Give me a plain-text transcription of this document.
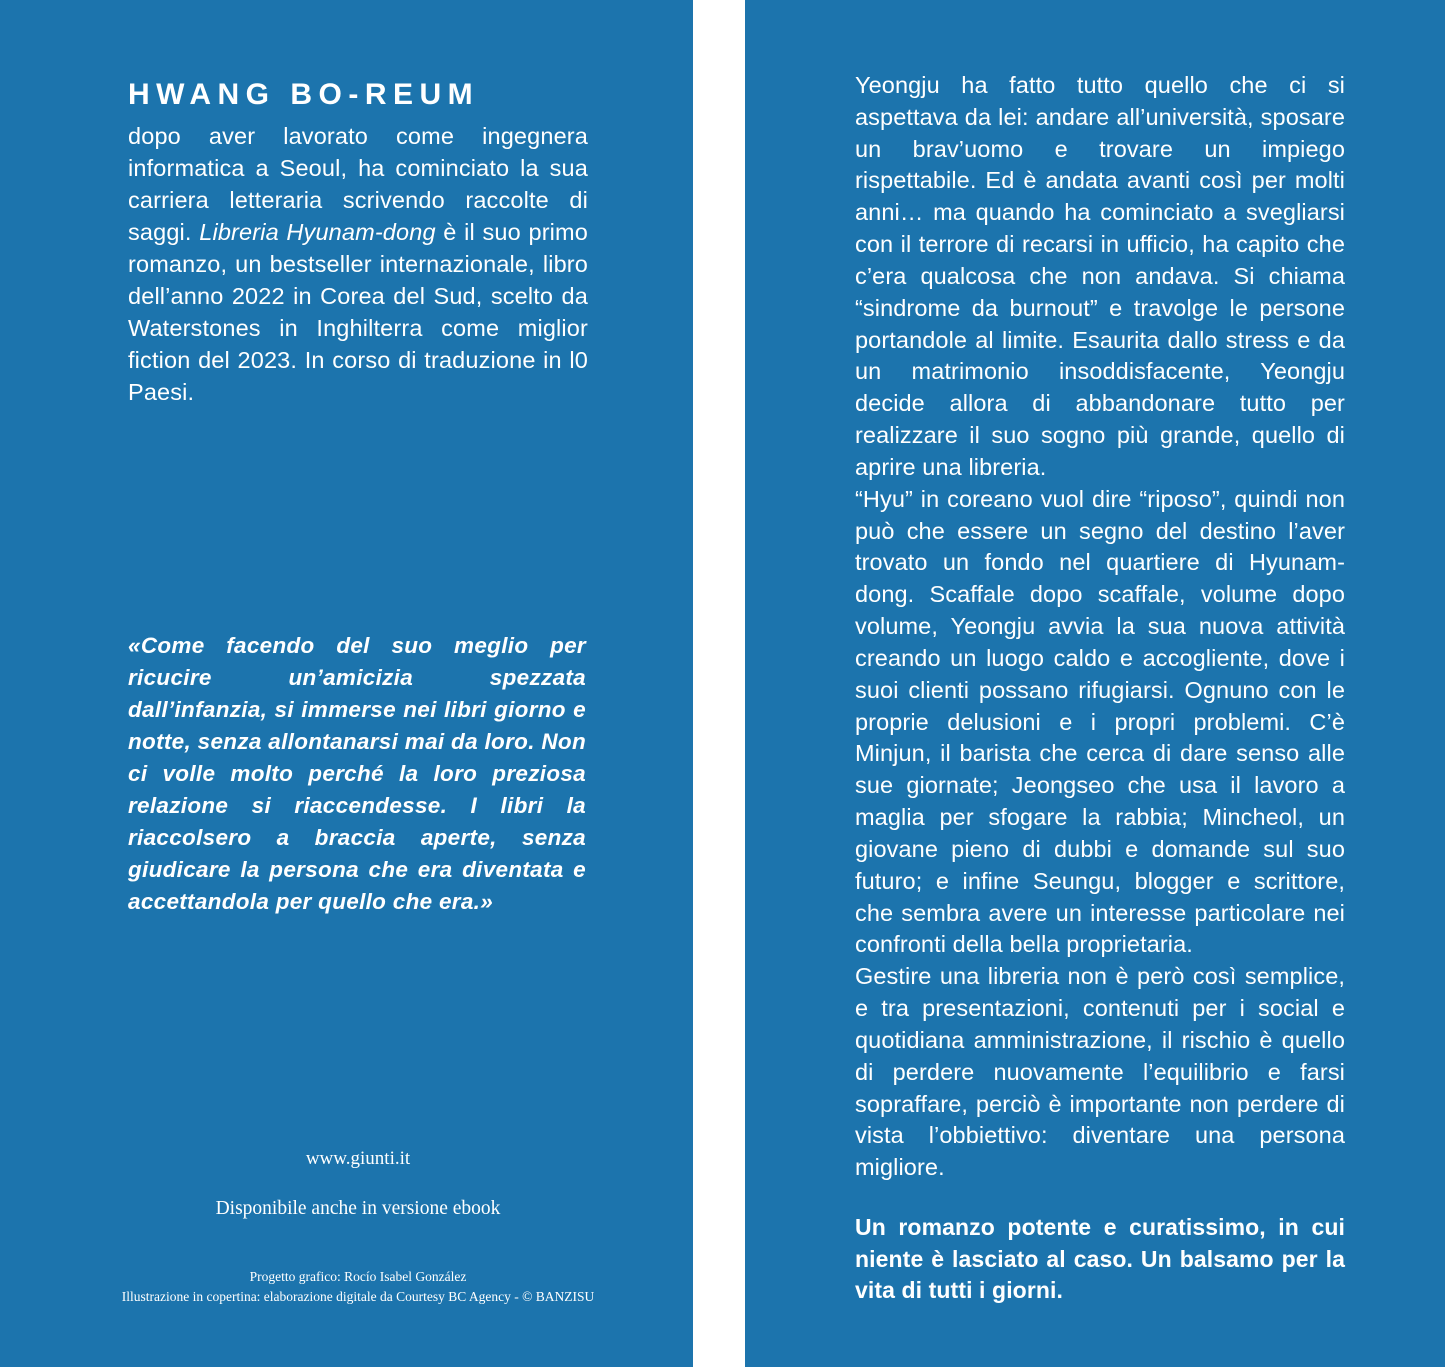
HWANG BO-REUM
dopo aver lavorato come ingegnera informatica a Seoul, ha cominciato la sua carriera letteraria scrivendo raccolte di saggi. Libreria Hyunam-dong è il suo primo romanzo, un bestseller internazionale, libro dell’anno 2022 in Corea del Sud, scelto da Waterstones in Inghilterra come miglior fiction del 2023. In corso di traduzione in l0 Paesi.
«Come facendo del suo meglio per ricucire un’amicizia spezzata dall’infanzia, si immerse nei libri giorno e notte, senza allontanarsi mai da loro. Non ci volle molto perché la loro preziosa relazione si riaccendesse. I libri la riaccolsero a braccia aperte, senza giudicare la persona che era diventata e accettandola per quello che era.»
www.giunti.it
Disponibile anche in versione ebook
Progetto grafico: Rocío Isabel González
Illustrazione in copertina: elaborazione digitale da Courtesy BC Agency - © BANZISU

Yeongju ha fatto tutto quello che ci si aspettava da lei: andare all’università, sposare un brav’uomo e trovare un impiego rispettabile. Ed è andata avanti così per molti anni… ma quando ha cominciato a svegliarsi con il terrore di recarsi in ufficio, ha capito che c’era qualcosa che non andava. Si chiama “sindrome da burnout” e travolge le persone portandole al limite. Esaurita dallo stress e da un matrimonio insoddisfacente, Yeongju decide allora di abbandonare tutto per realizzare il suo sogno più grande, quello di aprire una libreria.

“Hyu” in coreano vuol dire “riposo”, quindi non può che essere un segno del destino l’aver trovato un fondo nel quartiere di Hyunam-dong. Scaffale dopo scaffale, volume dopo volume, Yeongju avvia la sua nuova attività creando un luogo caldo e accogliente, dove i suoi clienti possano rifugiarsi. Ognuno con le proprie delusioni e i propri problemi. C’è Minjun, il barista che cerca di dare senso alle sue giornate; Jeongseo che usa il lavoro a maglia per sfogare la rabbia; Mincheol, un giovane pieno di dubbi e domande sul suo futuro; e infine Seungu, blogger e scrittore, che sembra avere un interesse particolare nei confronti della bella proprietaria.

Gestire una libreria non è però così semplice, e tra presentazioni, contenuti per i social e quotidiana amministrazione, il rischio è quello di perdere nuovamente l’equilibrio e farsi sopraffare, perciò è importante non perdere di vista l’obbiettivo: diventare una persona migliore.

Un romanzo potente e curatissimo, in cui niente è lasciato al caso. Un balsamo per la vita di tutti i giorni.
